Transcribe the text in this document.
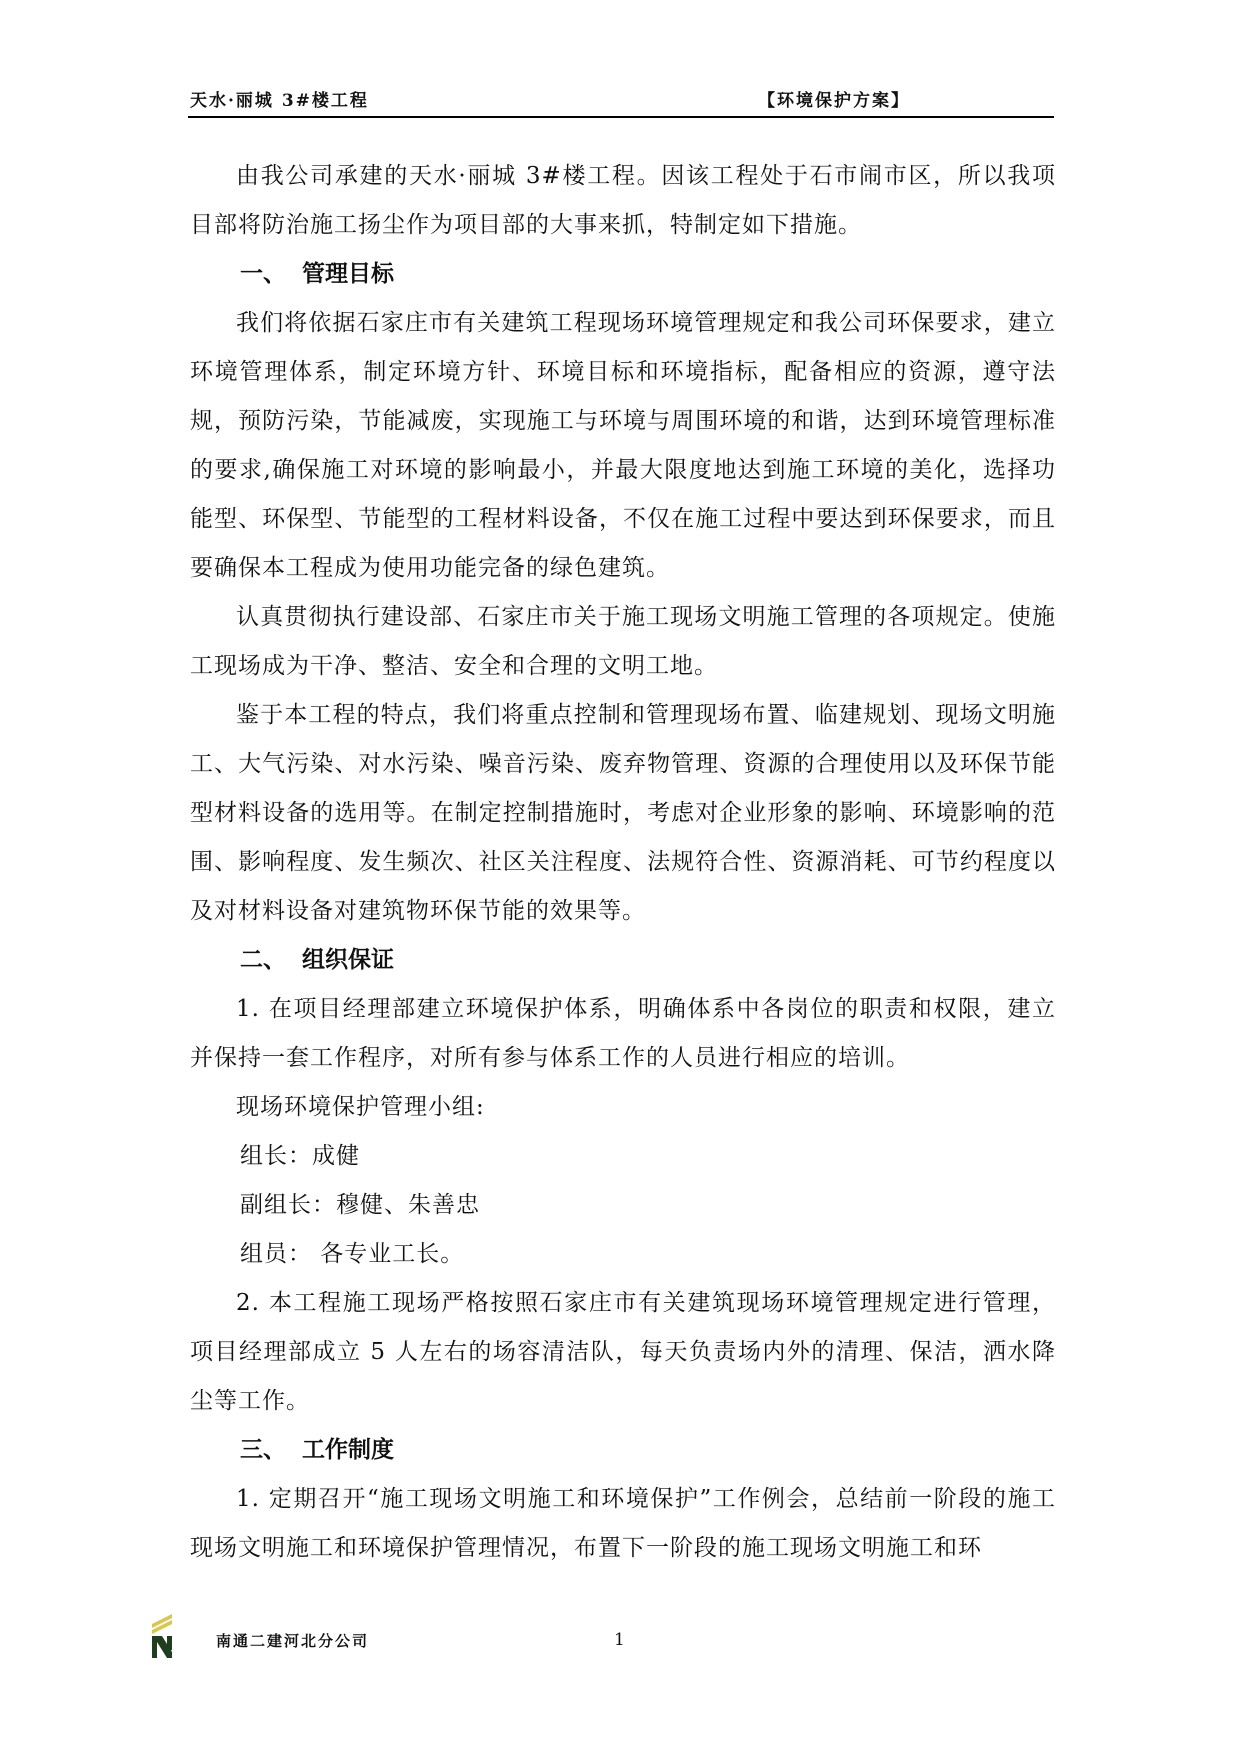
天水·丽城 3#楼工程	【环境保护方案】

由我公司承建的天水·丽城 3#楼工程。因该工程处于石市闹市区，所以我项目部将防治施工扬尘作为项目部的大事来抓，特制定如下措施。

一、 管理目标

我们将依据石家庄市有关建筑工程现场环境管理规定和我公司环保要求，建立环境管理体系，制定环境方针、环境目标和环境指标，配备相应的资源，遵守法规，预防污染，节能减废，实现施工与环境与周围环境的和谐，达到环境管理标准的要求,确保施工对环境的影响最小，并最大限度地达到施工环境的美化，选择功能型、环保型、节能型的工程材料设备，不仅在施工过程中要达到环保要求，而且要确保本工程成为使用功能完备的绿色建筑。

认真贯彻执行建设部、石家庄市关于施工现场文明施工管理的各项规定。使施工现场成为干净、整洁、安全和合理的文明工地。

鉴于本工程的特点，我们将重点控制和管理现场布置、临建规划、现场文明施工、大气污染、对水污染、噪音污染、废弃物管理、资源的合理使用以及环保节能型材料设备的选用等。在制定控制措施时，考虑对企业形象的影响、环境影响的范围、影响程度、发生频次、社区关注程度、法规符合性、资源消耗、可节约程度以及对材料设备对建筑物环保节能的效果等。

二、 组织保证

1. 在项目经理部建立环境保护体系，明确体系中各岗位的职责和权限，建立并保持一套工作程序，对所有参与体系工作的人员进行相应的培训。

现场环境保护管理小组:

组长：成健

副组长：穆健、朱善忠

组员： 各专业工长。

2. 本工程施工现场严格按照石家庄市有关建筑现场环境管理规定进行管理，项目经理部成立 5 人左右的场容清洁队，每天负责场内外的清理、保洁，洒水降尘等工作。

三、 工作制度

1. 定期召开“施工现场文明施工和环境保护”工作例会，总结前一阶段的施工现场文明施工和环境保护管理情况，布置下一阶段的施工现场文明施工和环

南通二建河北分公司	1
